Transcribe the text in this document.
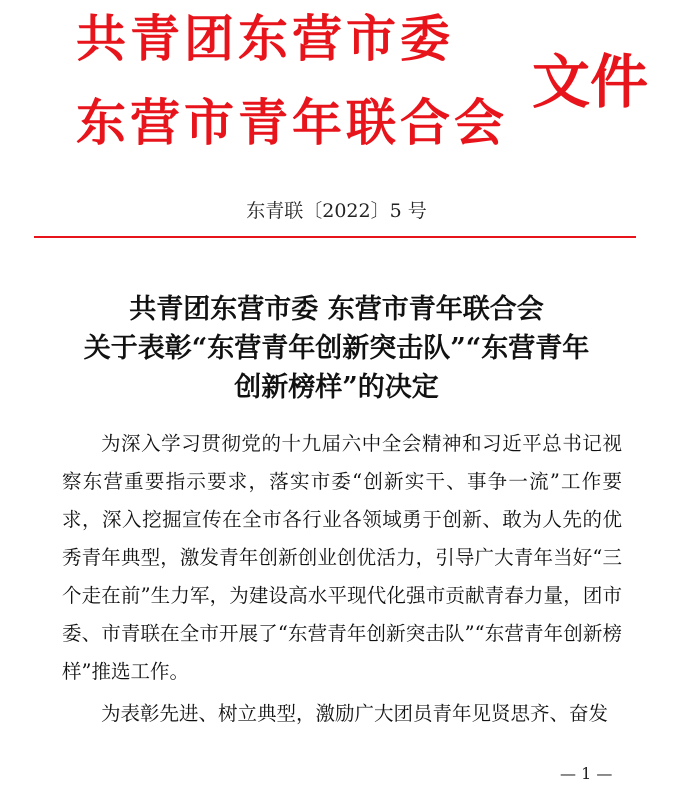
共青团东营市委
东营市青年联合会
文件
东青联〔2022〕5 号
共青团东营市委 东营市青年联合会
关于表彰“东营青年创新突击队”“东营青年
创新榜样”的决定

为深入学习贯彻党的十九届六中全会精神和习近平总书记视察东营重要指示要求，落实市委“创新实干、事争一流”工作要求，深入挖掘宣传在全市各行业各领域勇于创新、敢为人先的优秀青年典型，激发青年创新创业创优活力，引导广大青年当好“三个走在前”生力军，为建设高水平现代化强市贡献青春力量，团市委、市青联在全市开展了“东营青年创新突击队”“东营青年创新榜样”推选工作。

为表彰先进、树立典型，激励广大团员青年见贤思齐、奋发

— 1 —
